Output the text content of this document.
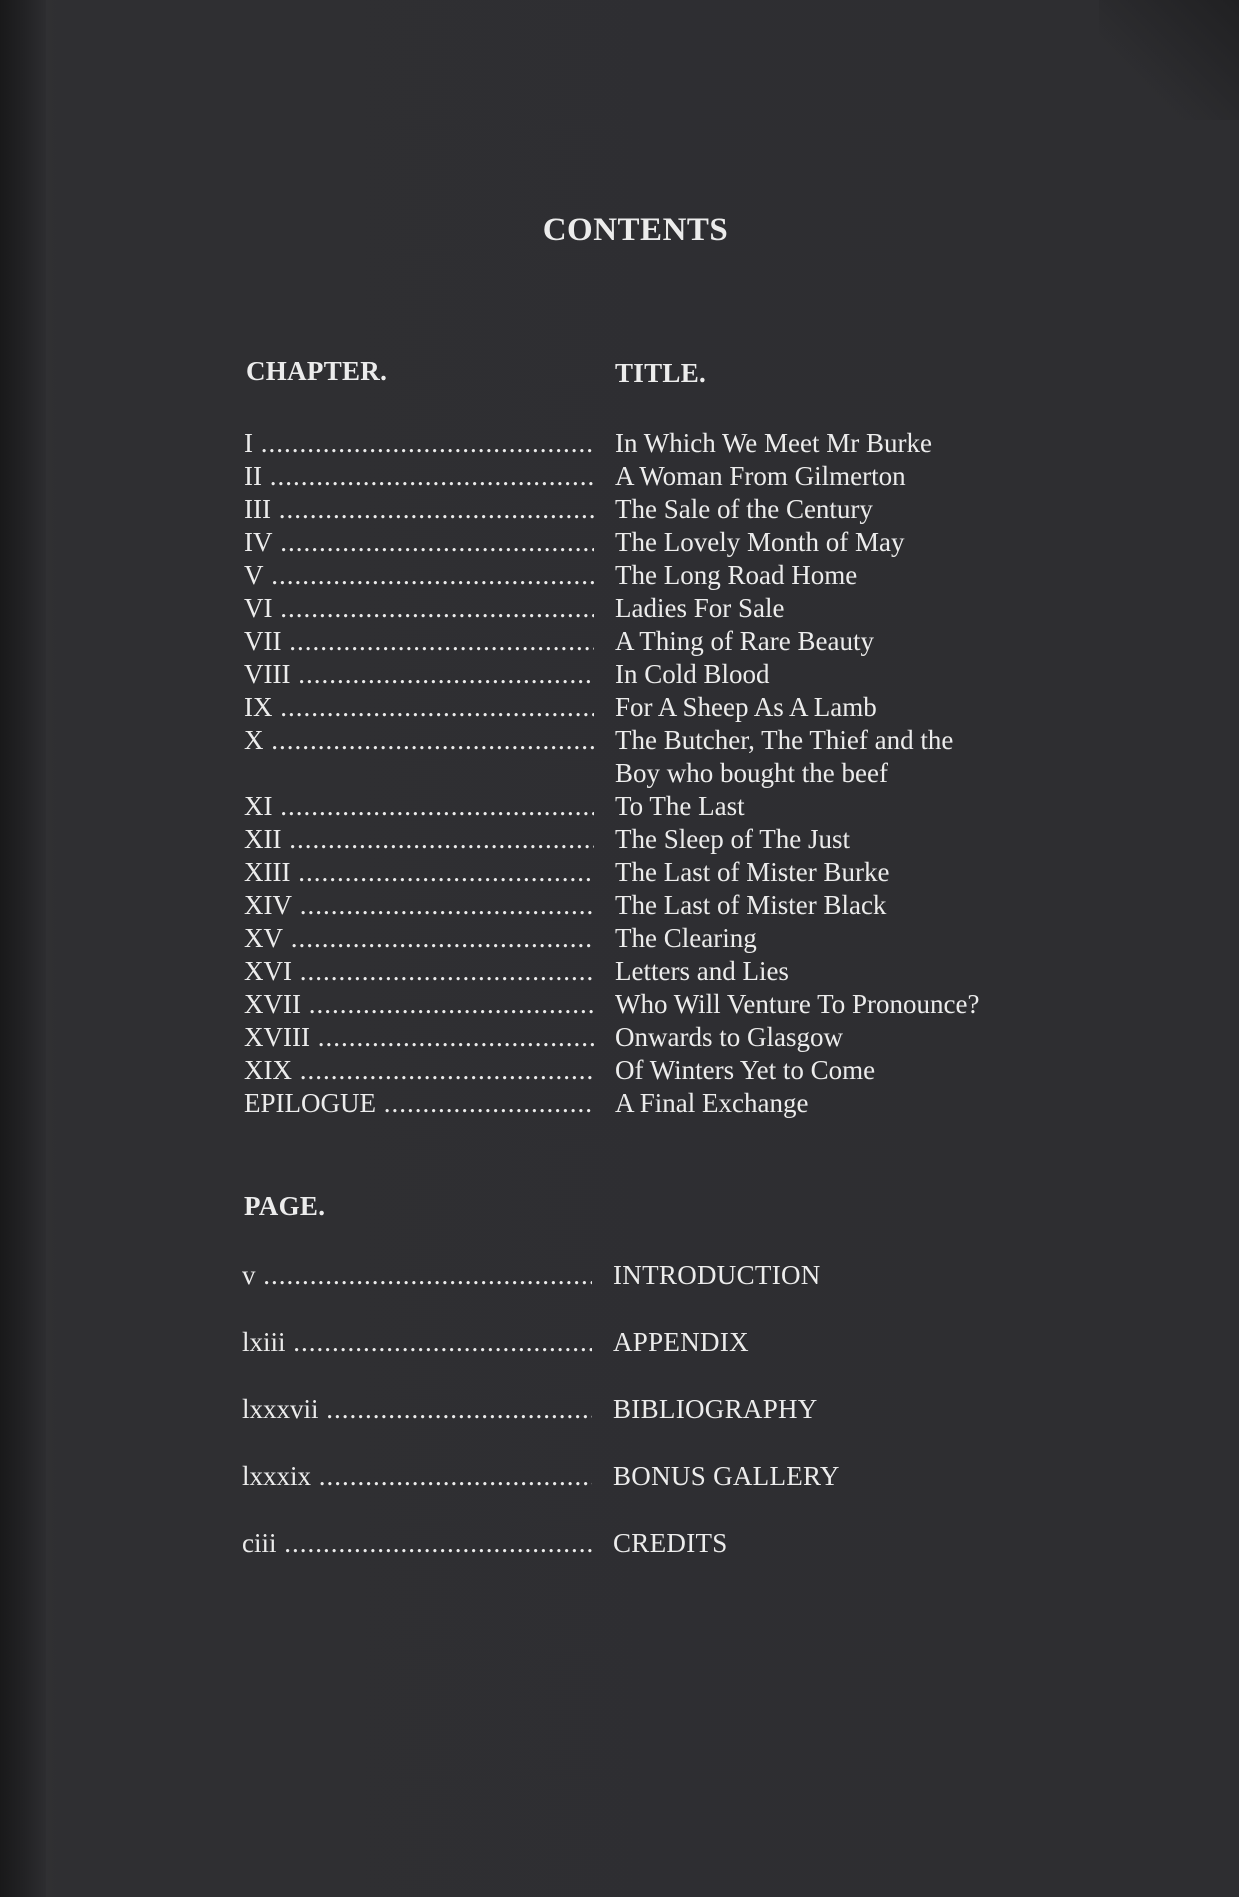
CONTENTS
CHAPTER.	TITLE.
I .....	In Which We Meet Mr Burke
II .....	A Woman From Gilmerton
III .....	The Sale of the Century
IV .....	The Lovely Month of May
V .....	The Long Road Home
VI .....	Ladies For Sale
VII .....	A Thing of Rare Beauty
VIII .....	In Cold Blood
IX .....	For A Sheep As A Lamb
X .....	The Butcher, The Thief and the
Boy who bought the beef
XI .....	To The Last
XII .....	The Sleep of The Just
XIII .....	The Last of Mister Burke
XIV .....	The Last of Mister Black
XV .....	The Clearing
XVI .....	Letters and Lies
XVII .....	Who Will Venture To Pronounce?
XVIII .....	Onwards to Glasgow
XIX .....	Of Winters Yet to Come
EPILOGUE .....	A Final Exchange
PAGE.
v .....	INTRODUCTION
lxiii .....	APPENDIX
lxxxvii .....	BIBLIOGRAPHY
lxxxix .....	BONUS GALLERY
ciii .....	CREDITS
